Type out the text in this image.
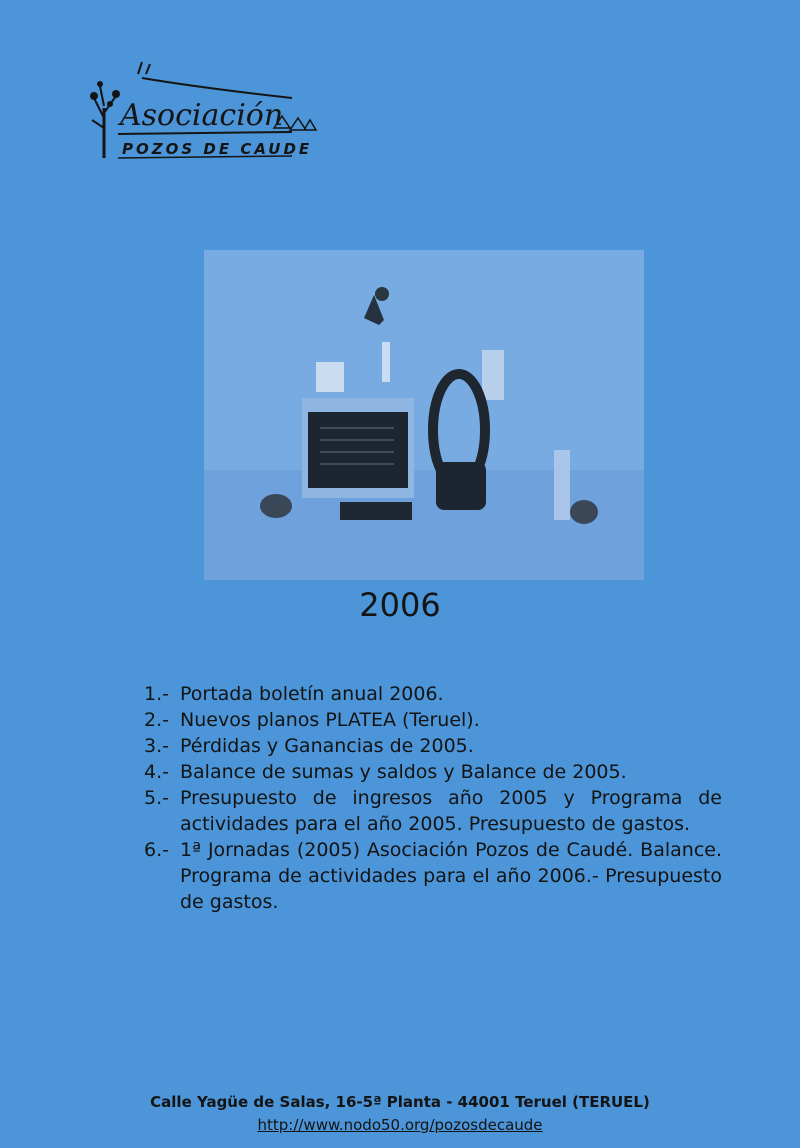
Asociación
POZOS DE CAUDE
2006
1.- Portada boletín anual 2006.
2.- Nuevos planos PLATEA (Teruel).
3.- Pérdidas y Ganancias de 2005.
4.- Balance de sumas y saldos y Balance de 2005.
5.- Presupuesto de ingresos año 2005 y Programa de actividades para el año 2005. Presupuesto de gastos.
6.- 1ª Jornadas (2005) Asociación Pozos de Caudé. Balance. Programa de actividades para el año 2006.- Presupuesto de gastos.
Calle Yagüe de Salas, 16-5ª Planta - 44001 Teruel (TERUEL)
http://www.nodo50.org/pozosdecaude
